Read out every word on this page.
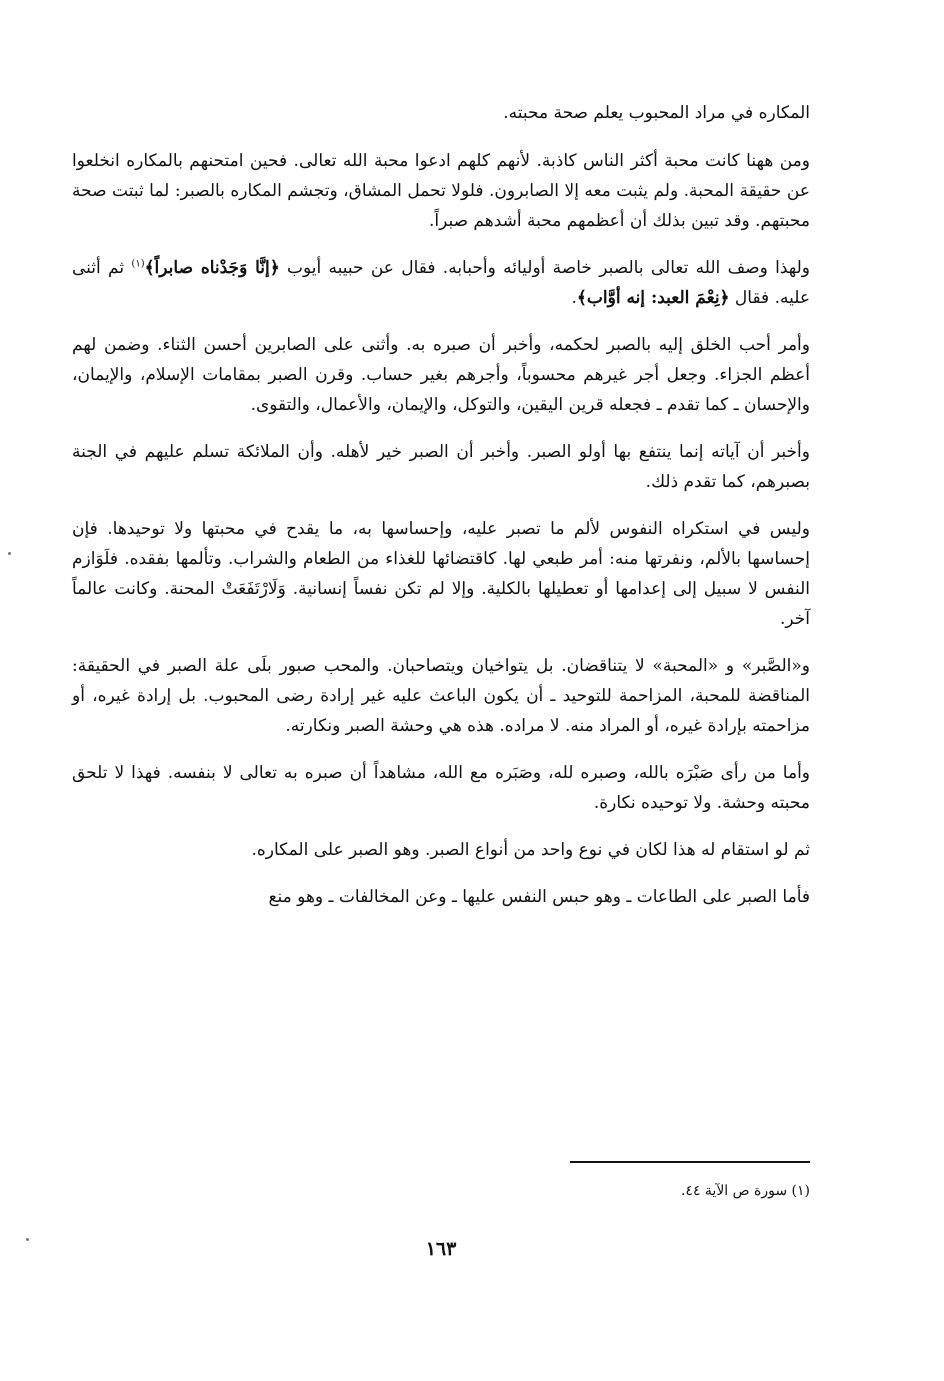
المكاره في مراد المحبوب يعلم صحة محبته.

ومن ههنا كانت محبة أكثر الناس كاذبة. لأنهم كلهم ادعوا محبة الله تعالى. فحين امتحنهم بالمكاره انخلعوا عن حقيقة المحبة. ولم يثبت معه إلا الصابرون. فلولا تحمل المشاق، وتجشم المكاره بالصبر: لما ثبتت صحة محبتهم. وقد تبين بذلك أن أعظمهم محبة أشدهم صبراً.

ولهذا وصف الله تعالى بالصبر خاصة أوليائه وأحبابه. فقال عن حبيبه أيوب ﴿إنَّا وَجَدْناه صابراً﴾$^{(١)}$ ثم أثنى عليه. فقال ﴿نِعْمَ العبد: إنه أوَّاب﴾.

وأمر أحب الخلق إليه بالصبر لحكمه، وأخبر أن صبره به. وأثنى على الصابرين أحسن الثناء. وضمن لهم أعظم الجزاء. وجعل أجر غيرهم محسوباً، وأجرهم بغير حساب. وقرن الصبر بمقامات الإسلام، والإيمان، والإحسان ـ كما تقدم ـ فجعله قرين اليقين، والتوكل، والإيمان، والأعمال، والتقوى.

وأخبر أن آياته إنما ينتفع بها أولو الصبر. وأخبر أن الصبر خير لأهله. وأن الملائكة تسلم عليهم في الجنة بصبرهم، كما تقدم ذلك.

وليس في استكراه النفوس لألم ما تصبر عليه، وإحساسها به، ما يقدح في محبتها ولا توحيدها. فإن إحساسها بالألم، ونفرتها منه: أمر طبعي لها. كاقتضائها للغذاء من الطعام والشراب. وتألمها بفقده. فلَوَازم النفس لا سبيل إلى إعدامها أو تعطيلها بالكلية. وإلا لم تكن نفساً إنسانية. وَلَارْتَفَعَتْ المحنة. وكانت عالماً آخر.

و«الصَّبر» و «المحبة» لا يتناقضان. بل يتواخيان ويتصاحبان. والمحب صبور بلَى علة الصبر في الحقيقة: المناقضة للمحبة، المزاحمة للتوحيد ـ أن يكون الباعث عليه غير إرادة رضى المحبوب. بل إرادة غيره، أو مزاحمته بإرادة غيره، أو المراد منه. لا مراده. هذه هي وحشة الصبر ونكارته.

وأما من رأى صَبْرَه بالله، وصبره لله، وصَبَره مع الله، مشاهداً أن صبره به تعالى لا بنفسه. فهذا لا تلحق محبته وحشة. ولا توحيده نكارة.

ثم لو استقام له هذا لكان في نوع واحد من أنواع الصبر. وهو الصبر على المكاره.

فأما الصبر على الطاعات ـ وهو حبس النفس عليها ـ وعن المخالفات ـ وهو منع

(١) سورة ص الآية ٤٤.

١٦٣
